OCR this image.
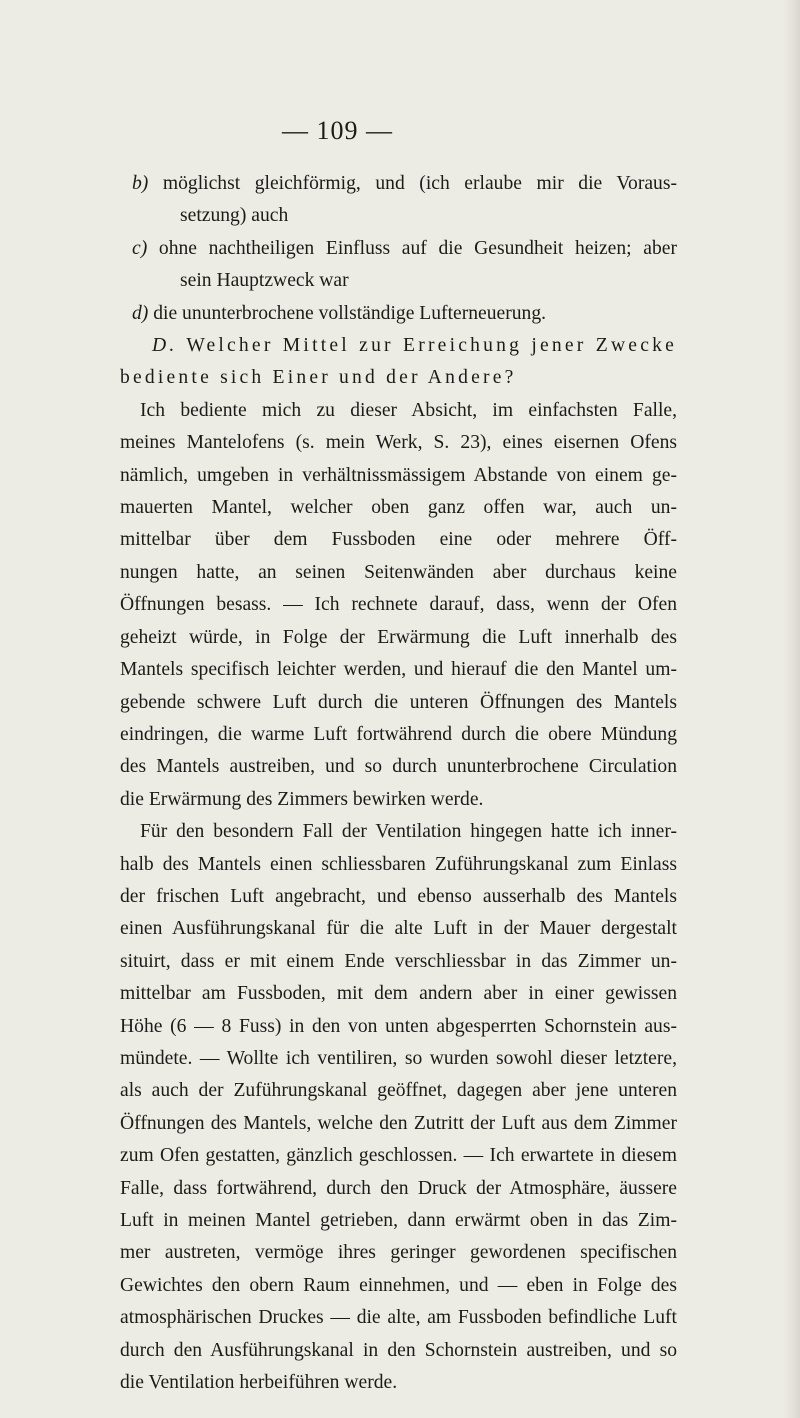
— 109 —
b) möglichst gleichförmig, und (ich erlaube mir die Voraus-
setzung) auch
c) ohne nachtheiligen Einfluss auf die Gesundheit heizen; aber
sein Hauptzweck war
d) die ununterbrochene vollständige Lufterneuerung.
D. Welcher Mittel zur Erreichung jener Zwecke
bediente sich Einer und der Andere?
Ich bediente mich zu dieser Absicht, im einfachsten Falle,
meines Mantelofens (s. mein Werk, S. 23), eines eisernen Ofens
nämlich, umgeben in verhältnissmässigem Abstande von einem ge-
mauerten Mantel, welcher oben ganz offen war, auch un-
mittelbar über dem Fussboden eine oder mehrere Öff-
nungen hatte, an seinen Seitenwänden aber durchaus keine
Öffnungen besass. — Ich rechnete darauf, dass, wenn der Ofen
geheizt würde, in Folge der Erwärmung die Luft innerhalb des
Mantels specifisch leichter werden, und hierauf die den Mantel um-
gebende schwere Luft durch die unteren Öffnungen des Mantels
eindringen, die warme Luft fortwährend durch die obere Mündung
des Mantels austreiben, und so durch ununterbrochene Circulation
die Erwärmung des Zimmers bewirken werde.
Für den besondern Fall der Ventilation hingegen hatte ich inner-
halb des Mantels einen schliessbaren Zuführungskanal zum Einlass
der frischen Luft angebracht, und ebenso ausserhalb des Mantels
einen Ausführungskanal für die alte Luft in der Mauer dergestalt
situirt, dass er mit einem Ende verschliessbar in das Zimmer un-
mittelbar am Fussboden, mit dem andern aber in einer gewissen
Höhe (6 — 8 Fuss) in den von unten abgesperrten Schornstein aus-
mündete. — Wollte ich ventiliren, so wurden sowohl dieser letztere,
als auch der Zuführungskanal geöffnet, dagegen aber jene unteren
Öffnungen des Mantels, welche den Zutritt der Luft aus dem Zimmer
zum Ofen gestatten, gänzlich geschlossen. — Ich erwartete in diesem
Falle, dass fortwährend, durch den Druck der Atmosphäre, äussere
Luft in meinen Mantel getrieben, dann erwärmt oben in das Zim-
mer austreten, vermöge ihres geringer gewordenen specifischen
Gewichtes den obern Raum einnehmen, und — eben in Folge des
atmosphärischen Druckes — die alte, am Fussboden befindliche Luft
durch den Ausführungskanal in den Schornstein austreiben, und so
die Ventilation herbeiführen werde.
